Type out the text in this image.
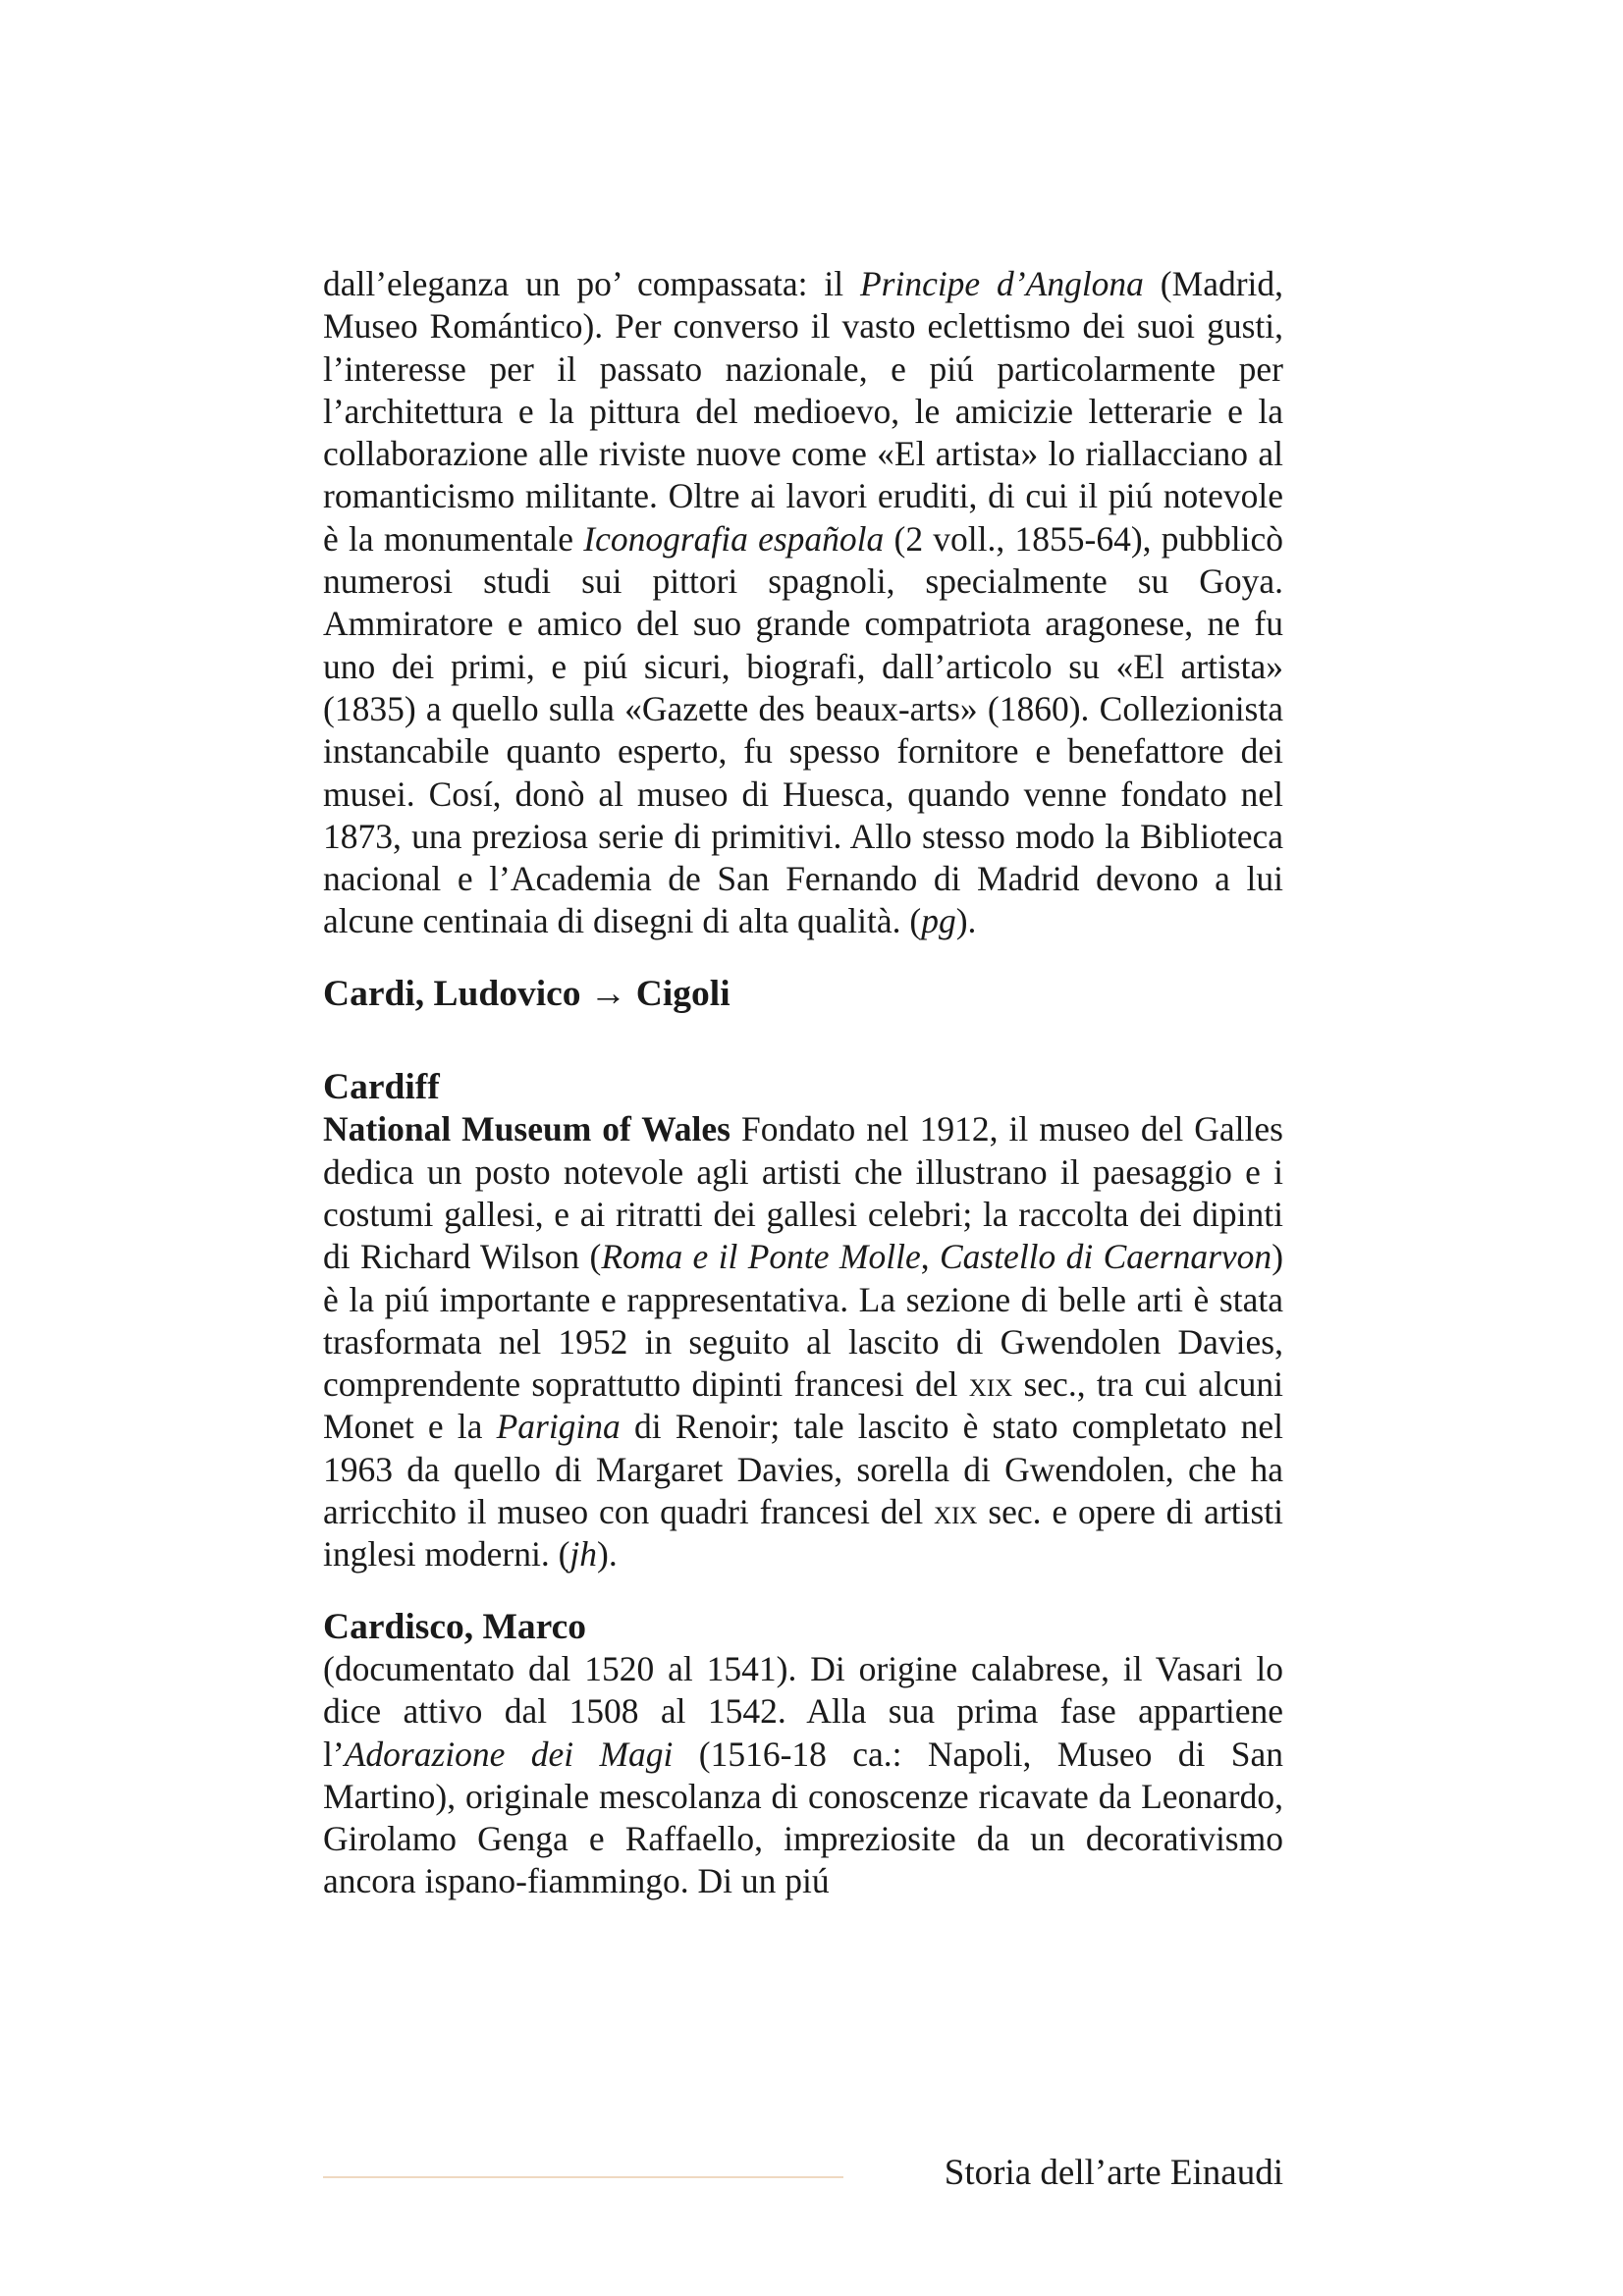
dall’eleganza un po’ compassata: il Principe d’Anglona (Madrid, Museo Romántico). Per converso il vasto eclettismo dei suoi gusti, l’interesse per il passato nazionale, e piú particolarmente per l’architettura e la pittura del medioevo, le amicizie letterarie e la collaborazione alle riviste nuove come «El artista» lo riallacciano al romanticismo militante. Oltre ai lavori eruditi, di cui il piú notevole è la monumentale Iconografia española (2 voll., 1855-64), pubblicò numerosi studi sui pittori spagnoli, specialmente su Goya. Ammiratore e amico del suo grande compatriota aragonese, ne fu uno dei primi, e piú sicuri, biografi, dall’articolo su «El artista» (1835) a quello sulla «Gazette des beaux-arts» (1860). Collezionista instancabile quanto esperto, fu spesso fornitore e benefattore dei musei. Cosí, donò al museo di Huesca, quando venne fondato nel 1873, una preziosa serie di primitivi. Allo stesso modo la Biblioteca nacional e l’Academia de San Fernando di Madrid devono a lui alcune centinaia di disegni di alta qualità. (pg).

Cardi, Ludovico → Cigoli

Cardiff

National Museum of Wales Fondato nel 1912, il museo del Galles dedica un posto notevole agli artisti che illustrano il paesaggio e i costumi gallesi, e ai ritratti dei gallesi celebri; la raccolta dei dipinti di Richard Wilson (Roma e il Ponte Molle, Castello di Caernarvon) è la piú importante e rappresentativa. La sezione di belle arti è stata trasformata nel 1952 in seguito al lascito di Gwendolen Davies, comprendente soprattutto dipinti francesi del xix sec., tra cui alcuni Monet e la Parigina di Renoir; tale lascito è stato completato nel 1963 da quello di Margaret Davies, sorella di Gwendolen, che ha arricchito il museo con quadri francesi del xix sec. e opere di artisti inglesi moderni. (jh).

Cardisco, Marco

(documentato dal 1520 al 1541). Di origine calabrese, il Vasari lo dice attivo dal 1508 al 1542. Alla sua prima fase appartiene l’Adorazione dei Magi (1516-18 ca.: Napoli, Museo di San Martino), originale mescolanza di conoscenze ricavate da Leonardo, Girolamo Genga e Raffaello, impreziosite da un decorativismo ancora ispano-fiammingo. Di un piú

Storia dell’arte Einaudi
